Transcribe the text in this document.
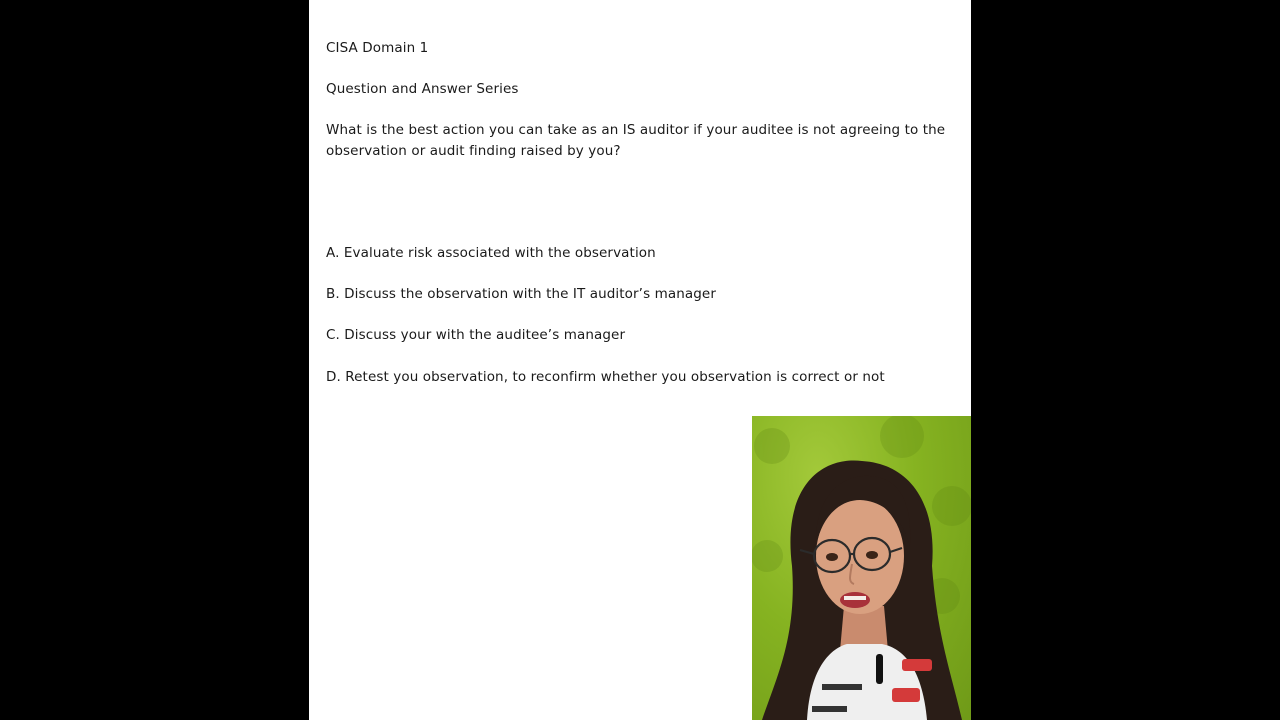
CISA Domain 1
Question and Answer Series
What is the best action you can take as an IS auditor if your auditee is not agreeing to the observation or audit finding raised by you?
A. Evaluate risk associated with the observation
B. Discuss the observation with the IT auditor’s manager
C. Discuss your with the auditee’s manager
D. Retest you observation, to reconfirm whether you observation is correct or not
